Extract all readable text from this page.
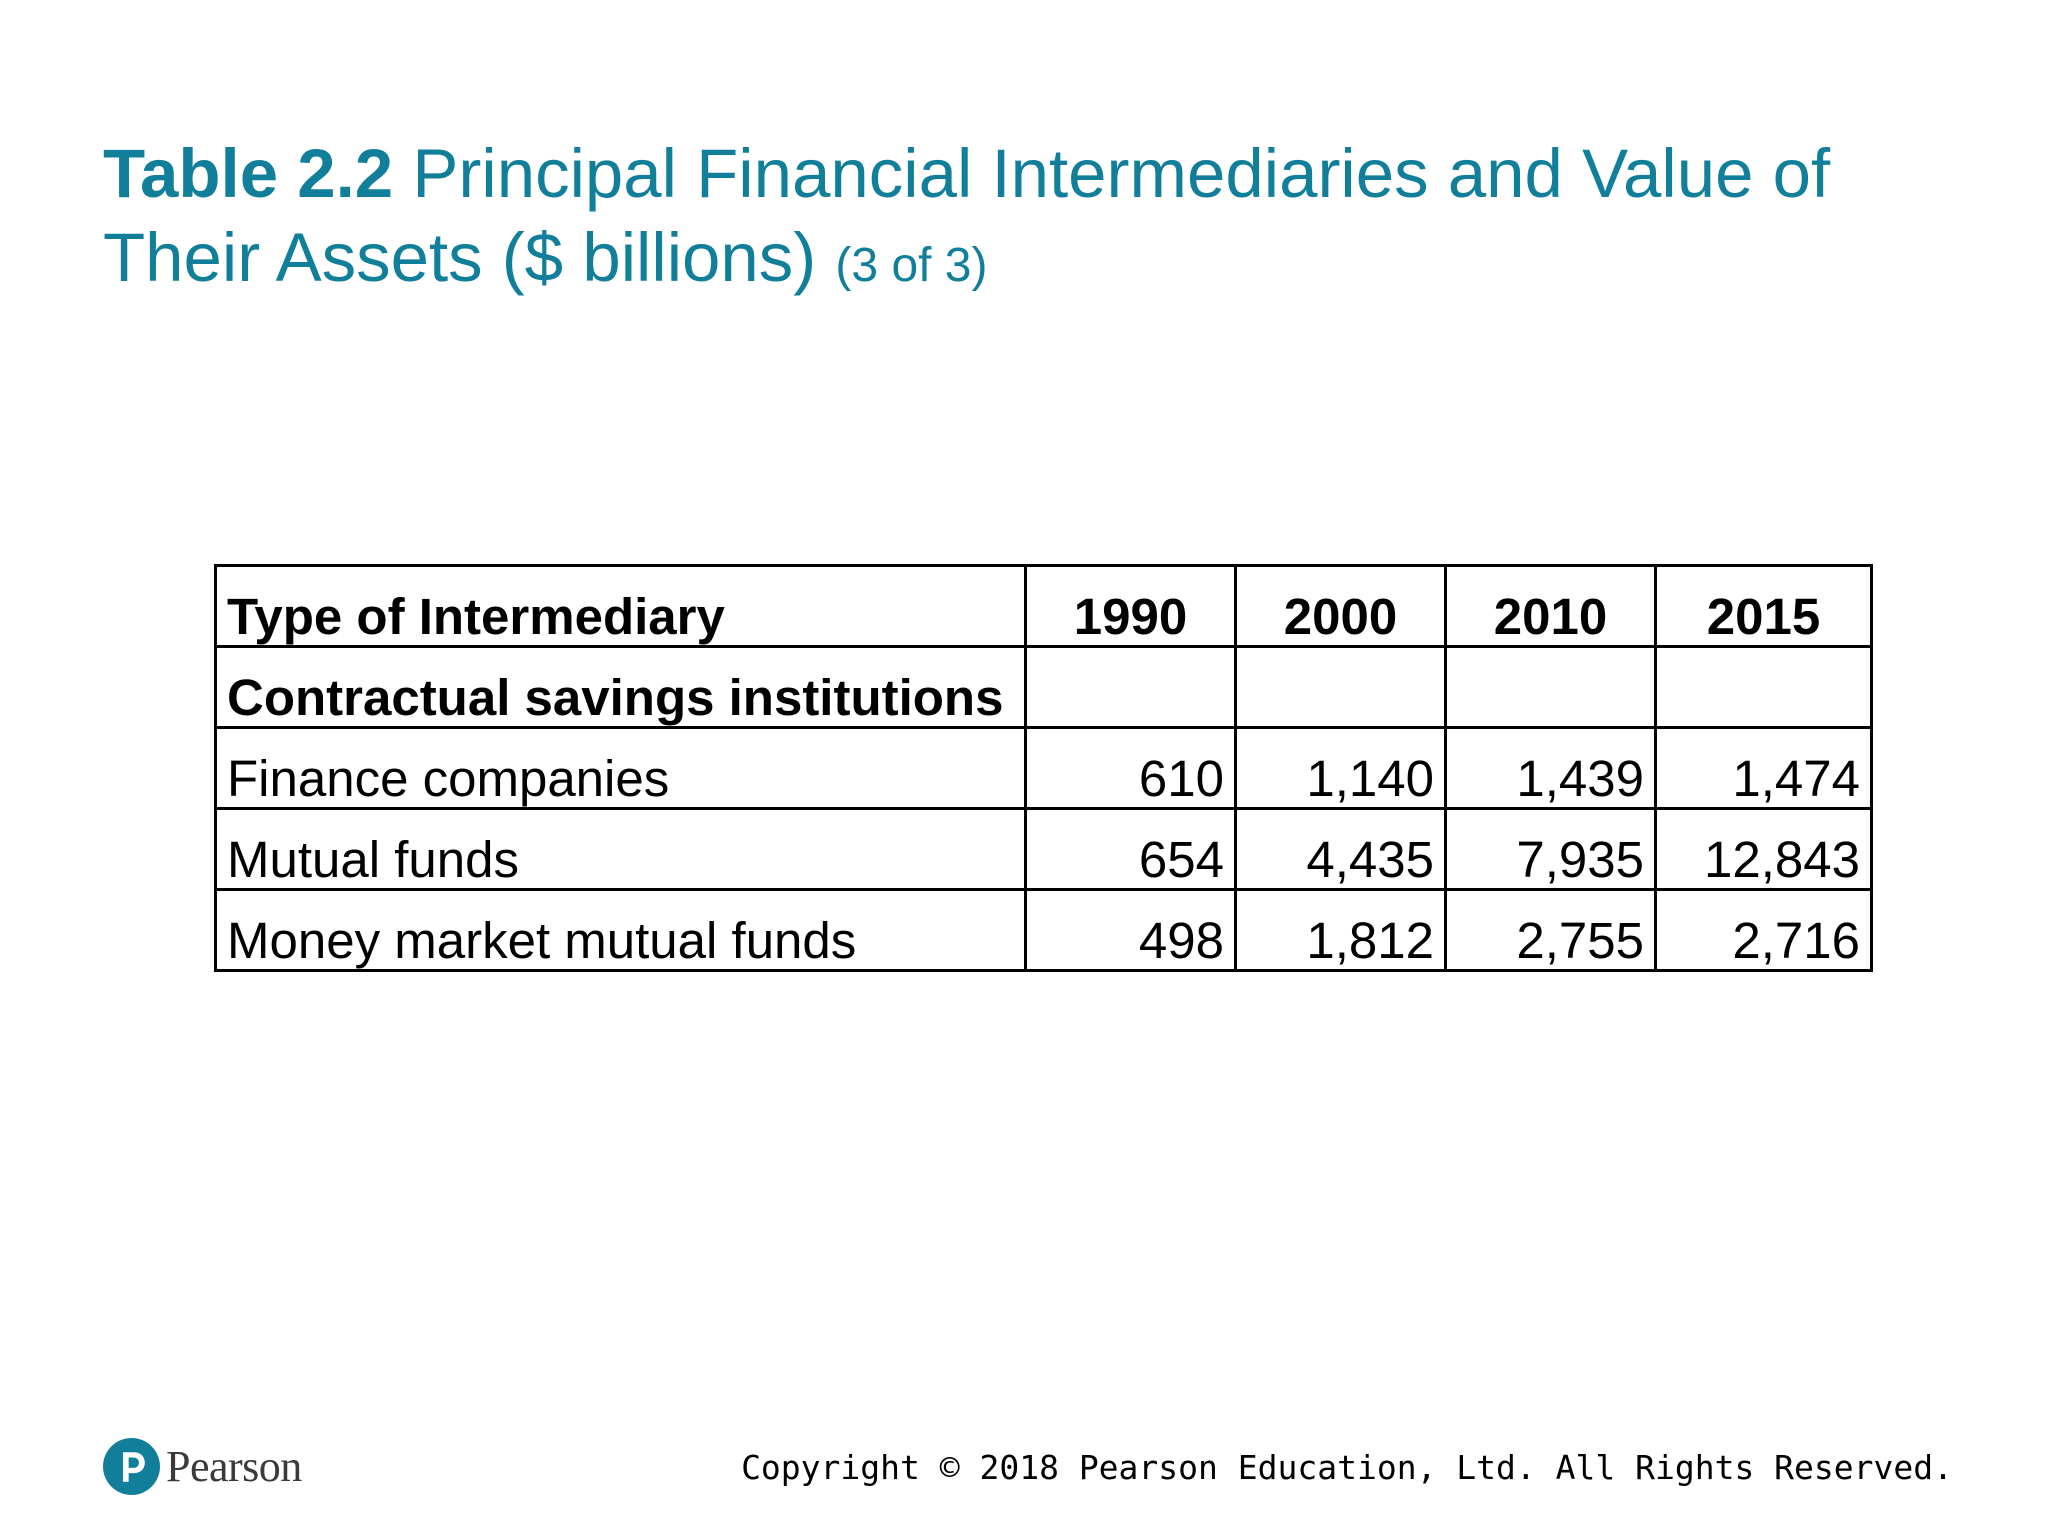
Table 2.2 Principal Financial Intermediaries and Value of Their Assets ($ billions) (3 of 3)
Type of Intermediary	1990	2000	2010	2015
Contractual savings institutions				
Finance companies	610	1,140	1,439	1,474
Mutual funds	654	4,435	7,935	12,843
Money market mutual funds	498	1,812	2,755	2,716
Pearson	Copyright © 2018 Pearson Education, Ltd. All Rights Reserved.
